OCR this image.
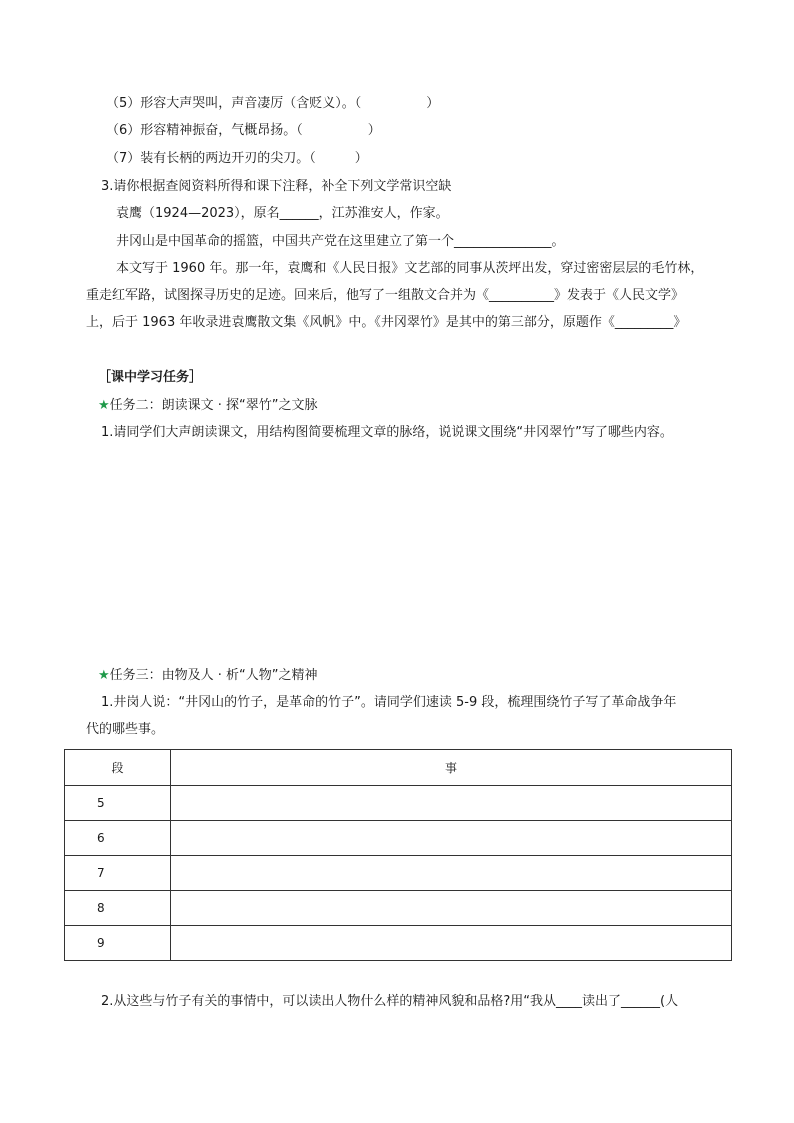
（5）形容大声哭叫，声音凄厉（含贬义）。（　　　　　）
（6）形容精神振奋，气概昂扬。（　　　　　）
（7）装有长柄的两边开刃的尖刀。（　　　）
3.请你根据查阅资料所得和课下注释，补全下列文学常识空缺
袁鹰（1924—2023），原名______，江苏淮安人，作家。
井冈山是中国革命的摇篮，中国共产党在这里建立了第一个_______________。
本文写于 1960 年。那一年，袁鹰和《人民日报》文艺部的同事从茨坪出发，穿过密密层层的毛竹林，
重走红军路，试图探寻历史的足迹。回来后，他写了一组散文合并为《__________》发表于《人民文学》
上，后于 1963 年收录进袁鹰散文集《风帆》中。《井冈翠竹》是其中的第三部分，原题作《_________》
［课中学习任务］
★任务二：朗读课文 · 探“翠竹”之文脉
1.请同学们大声朗读课文，用结构图简要梳理文章的脉络，说说课文围绕“井冈翠竹”写了哪些内容。
★任务三：由物及人 · 析“人物”之精神
1.井岗人说：“井冈山的竹子，是革命的竹子”。请同学们速读 5-9 段，梳理围绕竹子写了革命战争年
代的哪些事。
段	事
5	
6	
7	
8	
9	
2.从这些与竹子有关的事情中，可以读出人物什么样的精神风貌和品格?用“我从____读出了______(人
